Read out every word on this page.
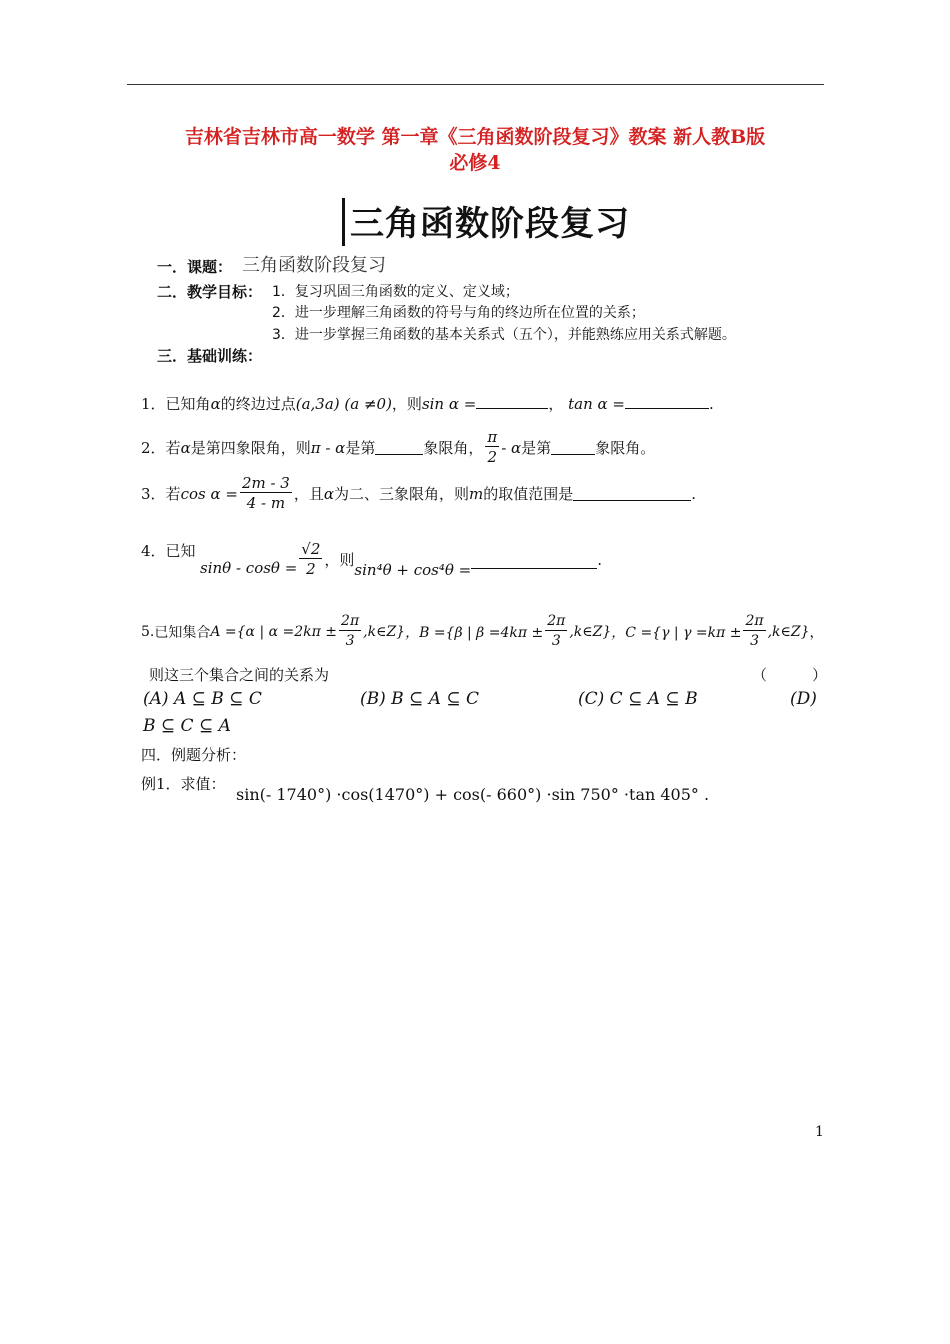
吉林省吉林市高一数学 第一章《三角函数阶段复习》教案 新人教B版
必修4
三角函数阶段复习
一．课题： 三角函数阶段复习
二．教学目标： 1．复习巩固三角函数的定义、定义域；
2．进一步理解三角函数的符号与角的终边所在位置的关系；
3．进一步掌握三角函数的基本关系式（五个），并能熟练应用关系式解题。
三．基础训练：
1．已知角α的终边过点(a,3a) (a ≠0)，则sin α =	， tan α =	.
2． 若 α 是第四象限角，则 π - α 是第	象限角， $\frac{\pi}{2}$ - α 是第	象限角。
3． 若 $\cos \alpha = \frac{2m - 3}{4 - m}$ ，且 α 为二、三象限角，则 m 的取值范围是	.
4．已知
$\sin\theta - \cos\theta = \frac{√2}{2}$ ，则
sin⁴θ + cos⁴θ =
.
5. 已知集合 A ={α | $\alpha =2k\pi \pm \frac{2\pi}{3}$ ,k∈Z} ，B ={β | $\beta =4k\pi \pm \frac{2\pi}{3}$ ,k∈Z} ，C ={γ | $\gamma =k\pi \pm \frac{2\pi}{3}$ ,k∈Z} ，
则这三个集合之间的关系为	（　　　）
(A) A ⊆ B ⊆ C	(B) B ⊆ A ⊆ C	(C) C ⊆ A ⊆ B	(D)
B ⊆ C ⊆ A
四．例题分析：
例1．求值：
sin(- 1740°) ·cos(1470°) + cos(- 660°) ·sin 750° ·tan 405° .
1
